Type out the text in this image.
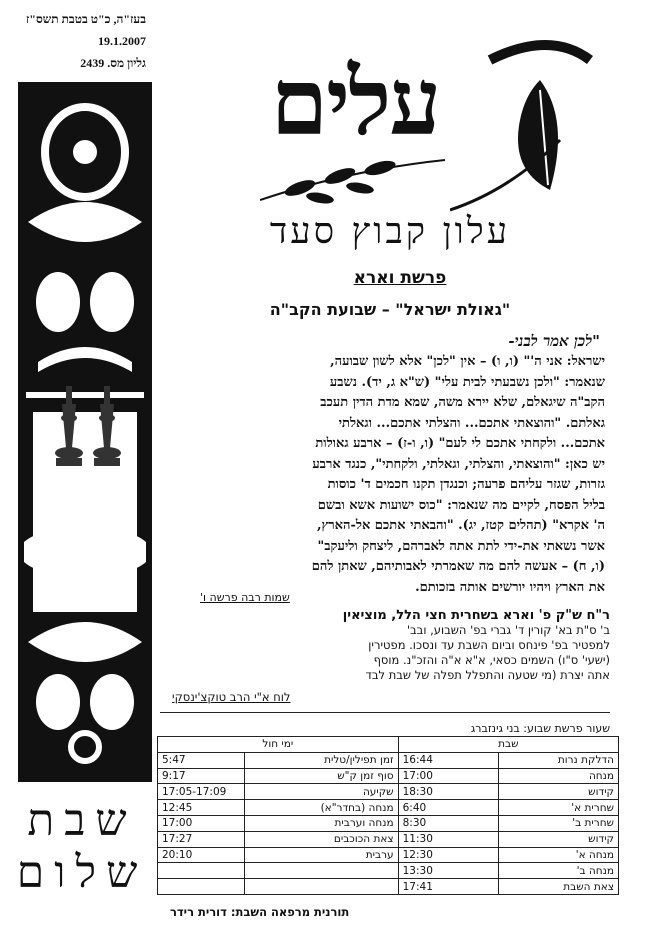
בעז"ה, כ"ט בטבת תשס"ז
19.1.2007
גליון מס. 2439
שבת
שלום
עלים
עלון קבוץ סעד
פרשת וארא
"גאולת ישראל" – שבועת הקב"ה
"לכן אמר לבני-
ישראל: אני ה'" (ו, ו) – אין "לכן" אלא לשון שבועה,
שנאמר: "ולכן נשבעתי לבית עלי" (ש"א ג, יד). נשבע
הקב"ה שיגאלם, שלא יירא משה, שמא מדת הדין תעכב
גאלתם. "והוצאתי אתכם... והצלתי אתכם... וגאלתי
אתכם... ולקחתי אתכם לי לעם" (ו, ו-ז) – ארבע גאולות
יש כאן: "והוצאתי, והצלתי, וגאלתי, ולקחתי", כנגד ארבע
גזרות, שגזר עליהם פרעה; וכנגדן תקנו חכמים ד' כוסות
בליל הפסח, לקיים מה שנאמר: "כוס ישועות אשא ובשם
ה' אקרא" (תהלים קטז, יג). "והבאתי אתכם אל-הארץ,
אשר נשאתי את-ידי לתת אתה לאברהם, ליצחק וליעקב"
(ו, ח) – אעשה להם מה שאמרתי לאבותיהם, שאתן להם
את הארץ ויהיו יורשים אותה בזכותם.
שמות רבה פרשה ו'
ר"ח ש"ק פ' וארא בשחרית חצי הלל, מוציאין
ב' ס"ת בא' קורין ד' גברי בפ' השבוע, ובב'
למפטיר בפ' פינחס וביום השבת עד ונסכו. מפטירין
(ישעי' ס"ו) השמים כסאי, א"א א"ה והזכ"נ. מוסף
אתה יצרת (מי שטעה והתפלל תפלה של שבת לבד
לוח א"י הרב טוקצ'ינסקי
שעור פרשת שבוע: בני גינזברג
שבת		ימי חול	
הדלקת נרות	16:44	זמן תפילין/טלית	5:47
מנחה	17:00	סוף זמן ק"ש	9:17
קידוש	18:30	שקיעה	17:05-17:09
שחרית א'	6:40	מנחה (בחדר"א)	12:45
שחרית ב'	8:30	מנחה וערבית	17:00
קידוש	11:30	צאת הכוכבים	17:27
מנחה א'	12:30	ערבית	20:10
מנחה ב'	13:30		
צאת השבת	17:41		
תורנית מרפאה השבת: דורית רידר
